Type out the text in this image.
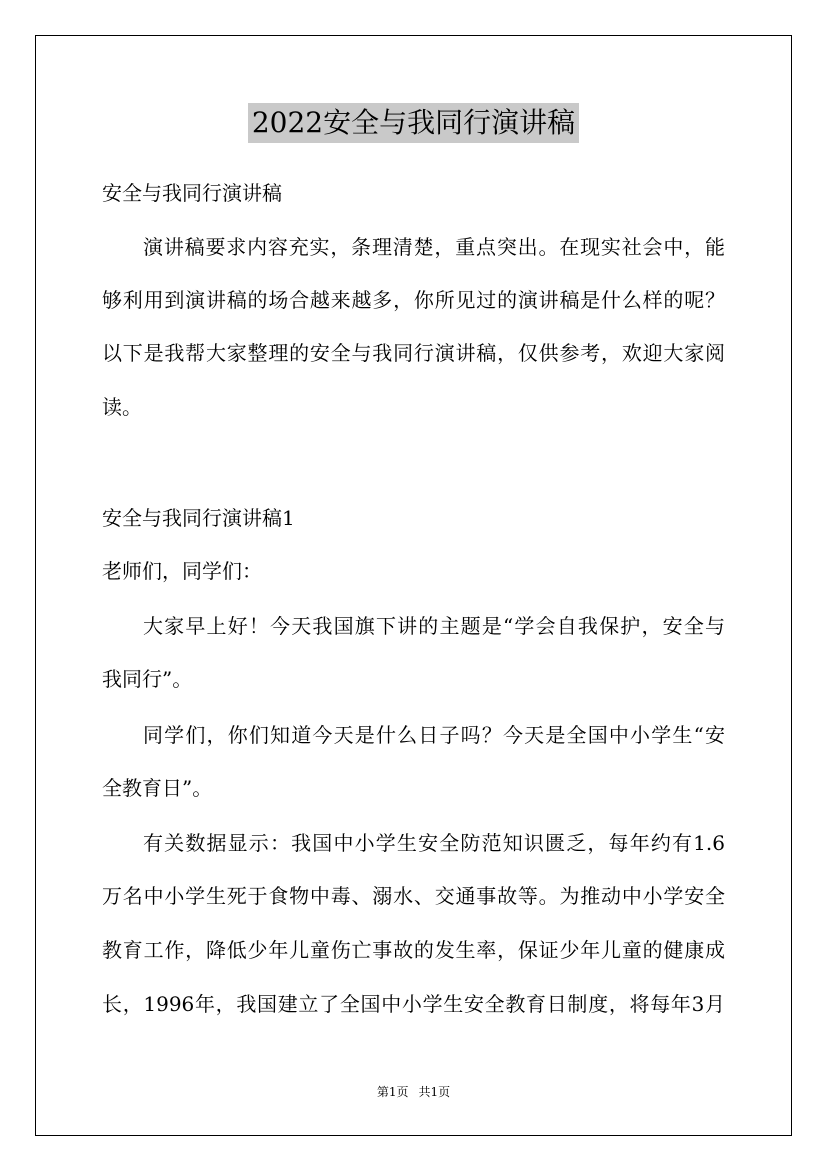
2022安全与我同行演讲稿
安全与我同行演讲稿
演讲稿要求内容充实，条理清楚，重点突出。在现实社会中，能
够利用到演讲稿的场合越来越多，你所见过的演讲稿是什么样的呢？
以下是我帮大家整理的安全与我同行演讲稿，仅供参考，欢迎大家阅
读。
安全与我同行演讲稿1
老师们，同学们：
大家早上好！今天我国旗下讲的主题是“学会自我保护，安全与
我同行”。
同学们，你们知道今天是什么日子吗？今天是全国中小学生“安
全教育日”。
有关数据显示：我国中小学生安全防范知识匮乏，每年约有1.6
万名中小学生死于食物中毒、溺水、交通事故等。为推动中小学安全
教育工作，降低少年儿童伤亡事故的发生率，保证少年儿童的健康成
长，1996年，我国建立了全国中小学生安全教育日制度，将每年3月
第1页 共1页
